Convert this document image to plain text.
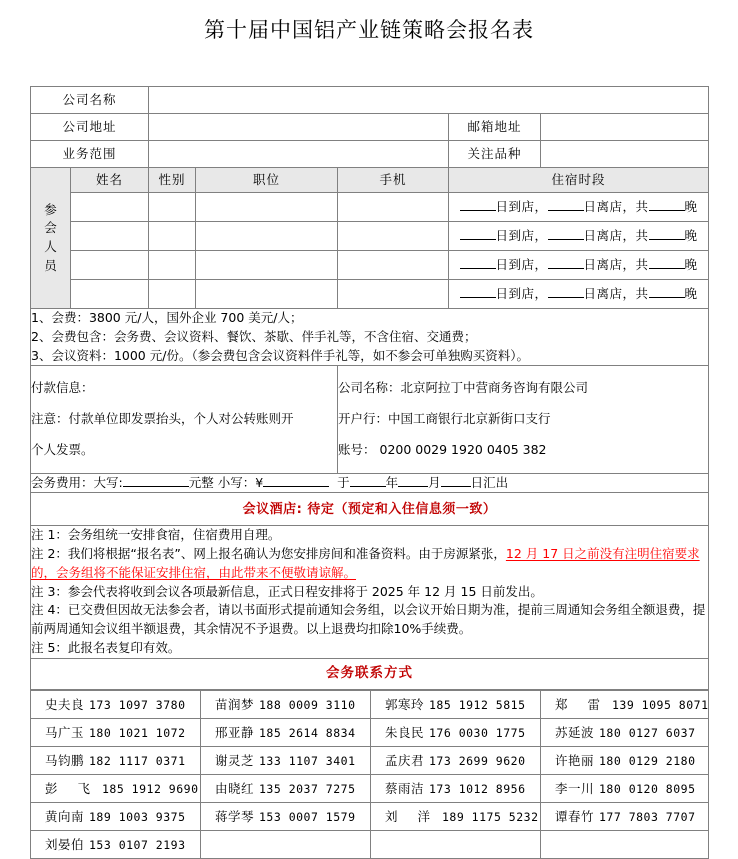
第十届中国铝产业链策略会报名表
公司名称						
公司地址					邮箱地址	
业务范围					关注品种	

参
会
人
员	姓名	性别	职位	手机	住宿时段	
					日到店， 日离店，共 晚	
					日到店， 日离店，共 晚	
					日到店， 日离店，共 晚	
					日到店， 日离店，共 晚	

1、会费：3800 元/人，国外企业 700 美元/人；

2、会费包含：会务费、会议资料、餐饮、茶歇、伴手礼等，不含住宿、交通费；

3、会议资料：1000 元/份。（参会费包含会议资料伴手礼等，如不参会可单独购买资料）。						

付款信息：

注意：付款单位即发票抬头，个人对公转账则开

个人发票。

公司名称：北京阿拉丁中营商务咨询有限公司

开户行：中国工商银行北京新街口支行

账号： 0200 0029 1920 0405 382

会务费用：大写: 元整 小写：¥ 于 年 月 日汇出						
会议酒店: 待定（预定和入住信息须一致）						

注 1：会务组统一安排食宿，住宿费用自理。

注 2：我们将根据“报名表”、网上报名确认为您安排房间和准备资料。由于房源紧张，12 月 17 日之前没有注明住宿要求的，会务组将不能保证安排住宿，由此带来不便敬请谅解。

注 3：参会代表将收到会议各项最新信息，正式日程安排将于 2025 年 12 月 15 日前发出。

注 4：已交费但因故无法参会者，请以书面形式提前通知会务组，以会议开始日期为准，提前三周通知会务组全额退费，提前两周通知会议组半额退费，其余情况不予退费。以上退费均扣除10%手续费。

注 5：此报名表复印有效。						

会务联系方式						
史夫良 173 1097 3780	苗润梦 188 0009 3110	郭寒玲 185 1912 5815	郑 雷 139 1095 8071
马广玉 180 1021 1072	邢亚静 185 2614 8834	朱良民 176 0030 1775	苏延波 180 0127 6037
马钧鹏 182 1117 0371	谢灵芝 133 1107 3401	孟庆君 173 2699 9620	许艳丽 180 0129 2180
彭 飞 185 1912 9690	由晓红 135 2037 7275	蔡雨洁 173 1012 8956	李一川 180 0120 8095
黄向南 189 1003 9375	蒋学琴 153 0007 1579	刘 洋 189 1175 5232	谭春竹 177 7803 7707
刘晏伯 153 0107 2193			
